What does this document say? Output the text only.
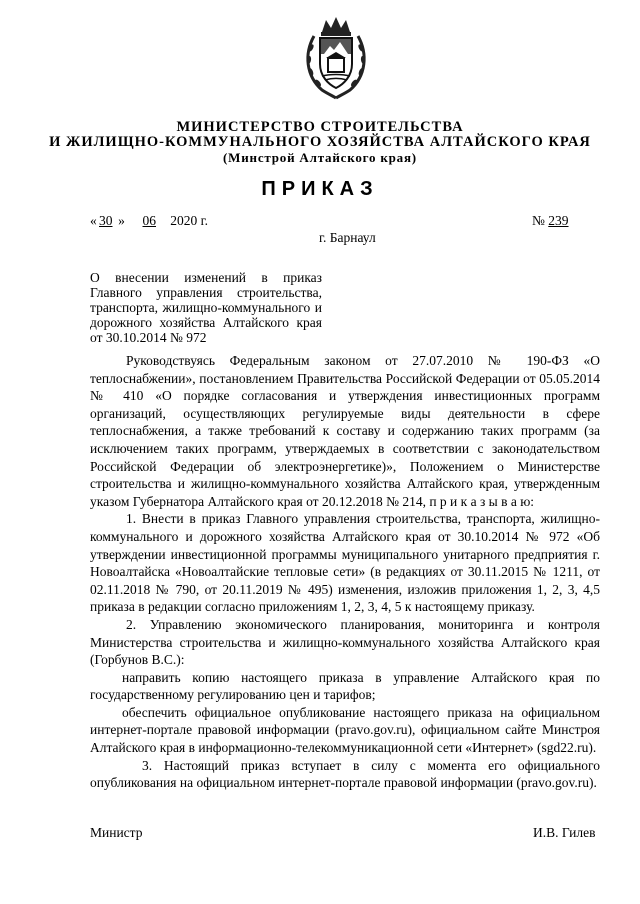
МИНИСТЕРСТВО СТРОИТЕЛЬСТВА
И ЖИЛИЩНО-КОММУНАЛЬНОГО ХОЗЯЙСТВА АЛТАЙСКОГО КРАЯ
(Минстрой Алтайского края)
ПРИКАЗ
« 30 » 06 2020 г.	№ 239
г. Барнаул
О внесении изменений в приказ Главного управления строительства, транспорта, жилищно-коммунального и дорожного хозяйства Алтайского края от 30.10.2014 № 972

Руководствуясь Федеральным законом от 27.07.2010 № 190-ФЗ «О теплоснабжении», постановлением Правительства Российской Федерации от 05.05.2014 № 410 «О порядке согласования и утверждения инвестиционных программ организаций, осуществляющих регулируемые виды деятельности в сфере теплоснабжения, а также требований к составу и содержанию таких программ (за исключением таких программ, утверждаемых в соответствии с законодательством Российской Федерации об электроэнергетике)», Положением о Министерстве строительства и жилищно-коммунального хозяйства Алтайского края, утвержденным указом Губернатора Алтайского края от 20.12.2018 № 214, п р и к а з ы в а ю:

1. Внести в приказ Главного управления строительства, транспорта, жилищно-коммунального и дорожного хозяйства Алтайского края от 30.10.2014 № 972 «Об утверждении инвестиционной программы муниципального унитарного предприятия г. Новоалтайска «Новоалтайские тепловые сети» (в редакциях от 30.11.2015 № 1211, от 02.11.2018 № 790, от 20.11.2019 № 495) изменения, изложив приложения 1, 2, 3, 4,5 приказа в редакции согласно приложениям 1, 2, 3, 4, 5 к настоящему приказу.

2. Управлению экономического планирования, мониторинга и контроля Министерства строительства и жилищно-коммунального хозяйства Алтайского края (Горбунов В.С.):

направить копию настоящего приказа в управление Алтайского края по государственному регулированию цен и тарифов;

обеспечить официальное опубликование настоящего приказа на официальном интернет-портале правовой информации (pravo.gov.ru), официальном сайте Минстроя Алтайского края в информационно-телекоммуникационной сети «Интернет» (sgd22.ru).

3. Настоящий приказ вступает в силу с момента его официального опубликования на официальном интернет-портале правовой информации (pravo.gov.ru).

Министр	И.В. Гилев
